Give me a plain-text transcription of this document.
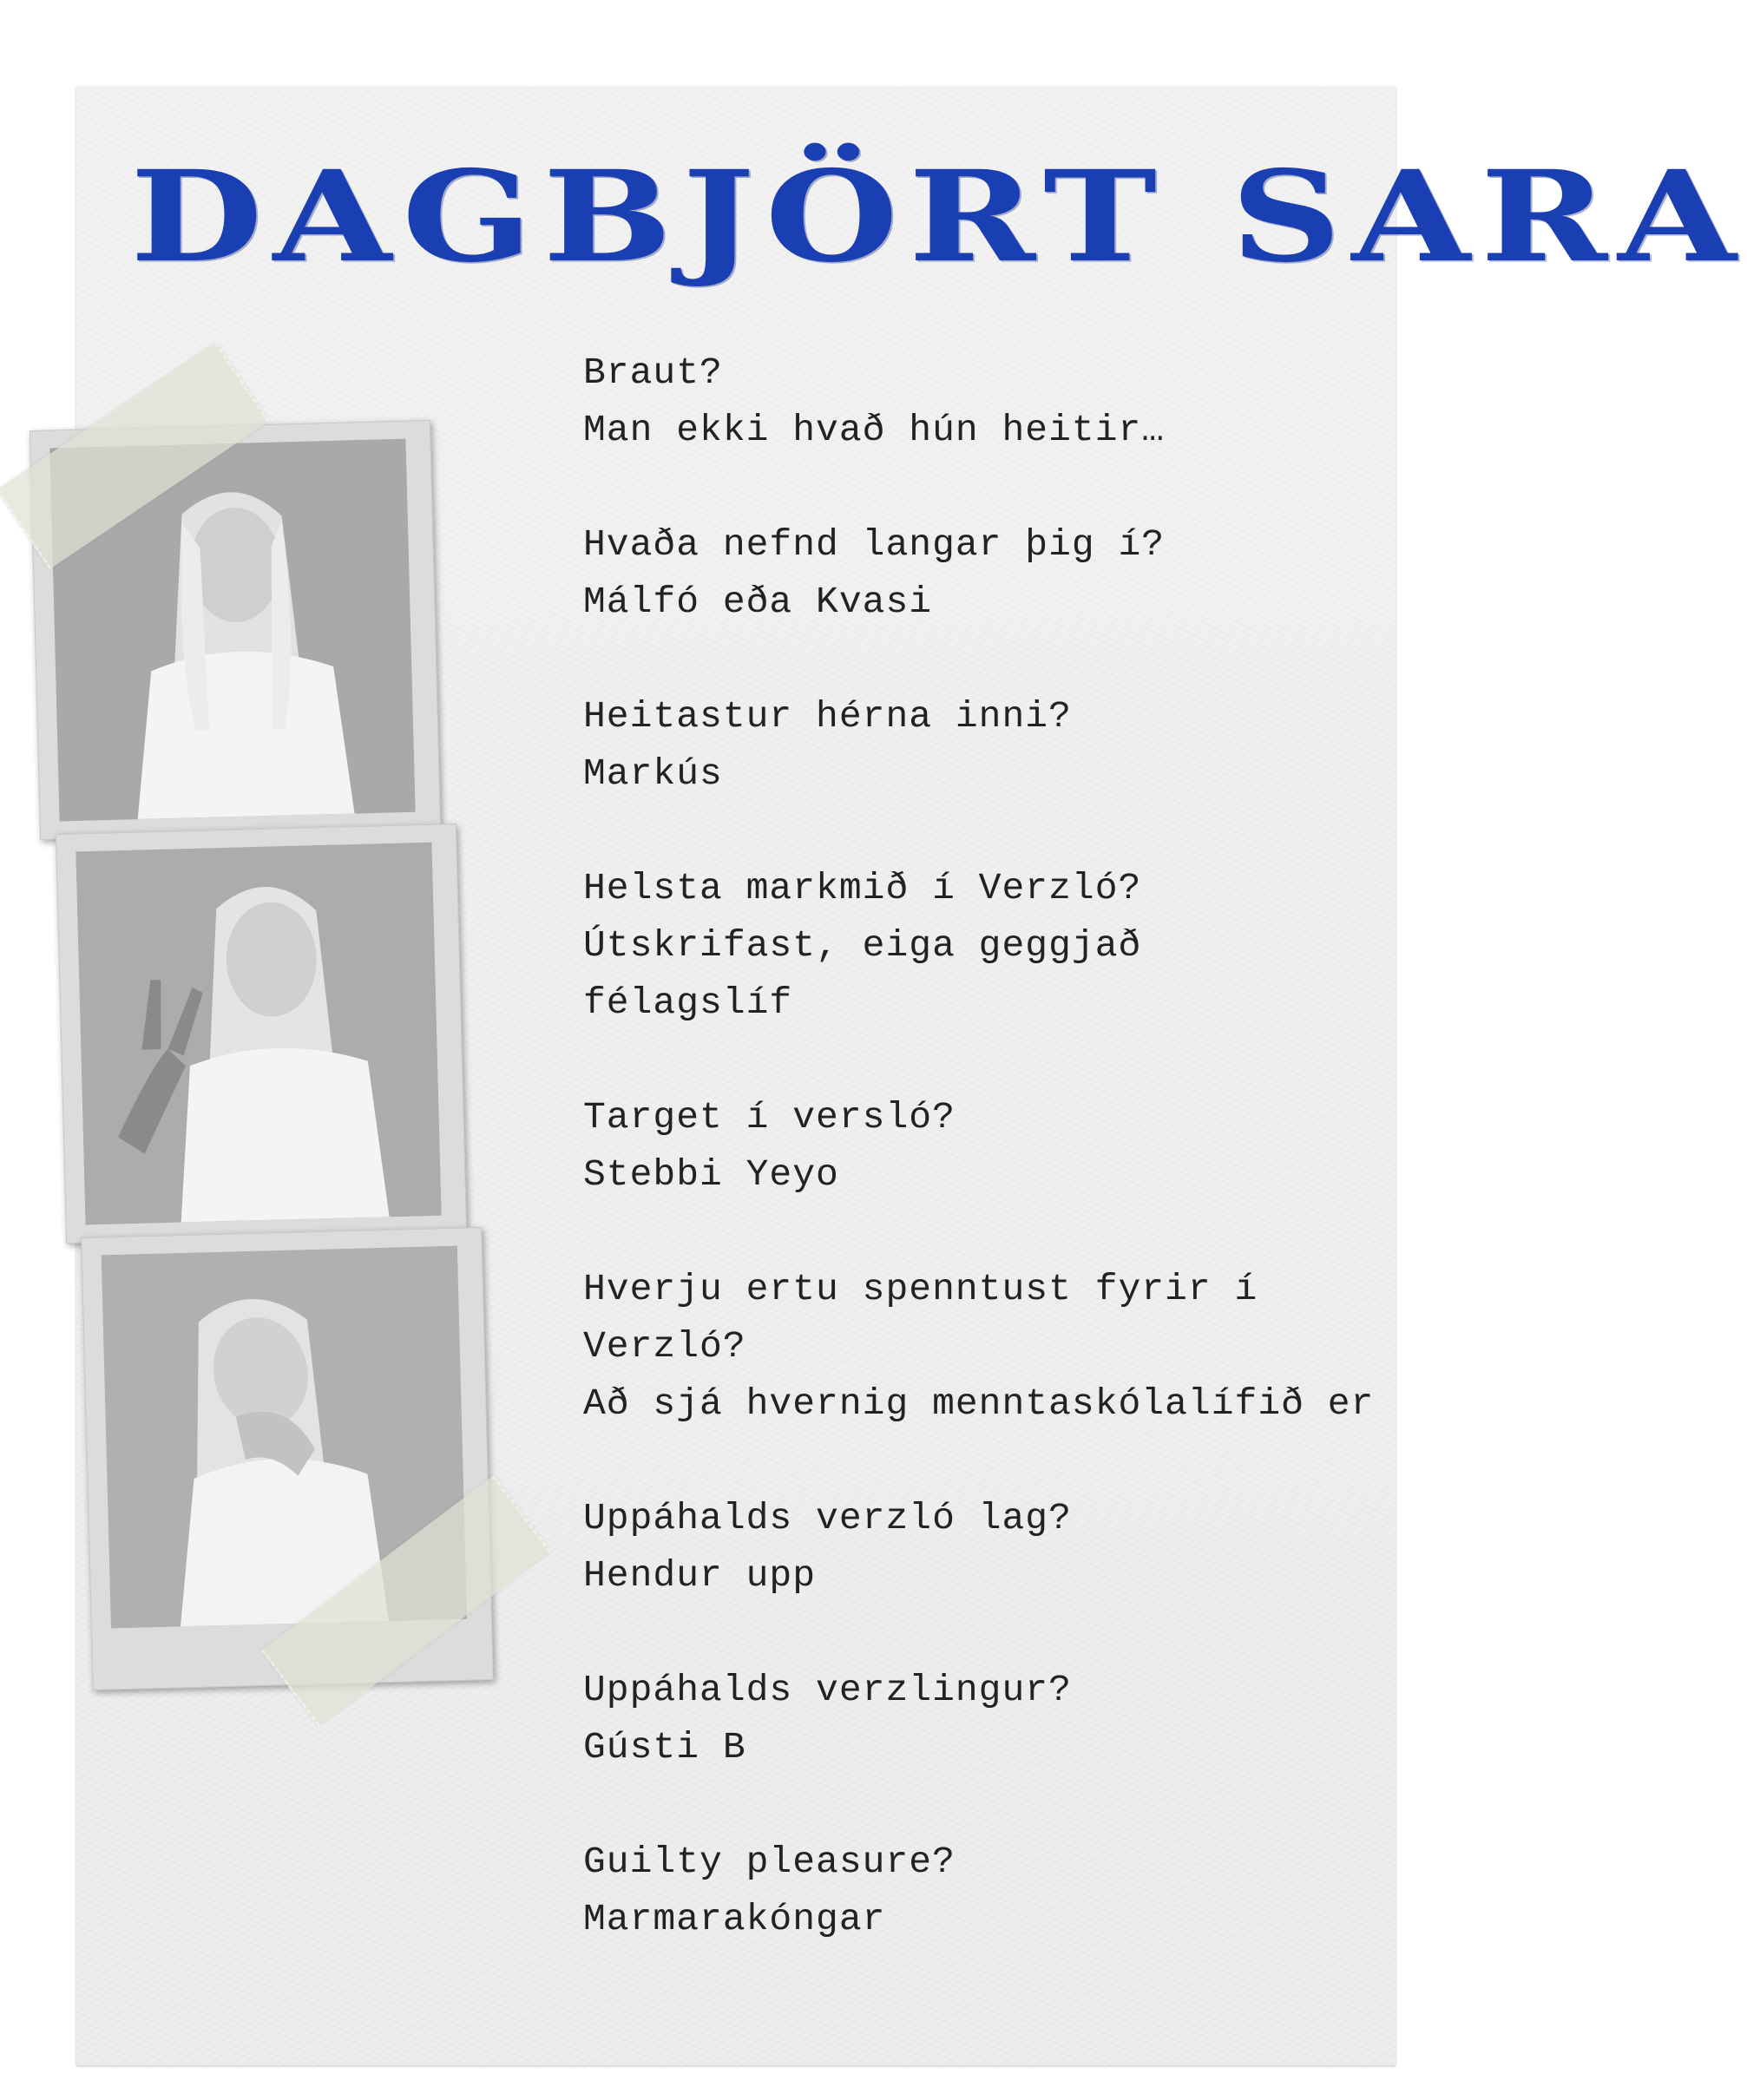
DAGBJÖRT SARA

Braut?

Man ekki hvað hún heitir…

Hvaða nefnd langar þig í?

Málfó eða Kvasi

Heitastur hérna inni?

Markús

Helsta markmið í Verzló?

Útskrifast, eiga geggjað félagslíf

Target í versló?

Stebbi Yeyo

Hverju ertu spenntust fyrir í Verzló?

Að sjá hvernig menntaskólalífið er

Uppáhalds verzló lag?

Hendur upp

Uppáhalds verzlingur?

Gústi B

Guilty pleasure?

Marmarakóngar
